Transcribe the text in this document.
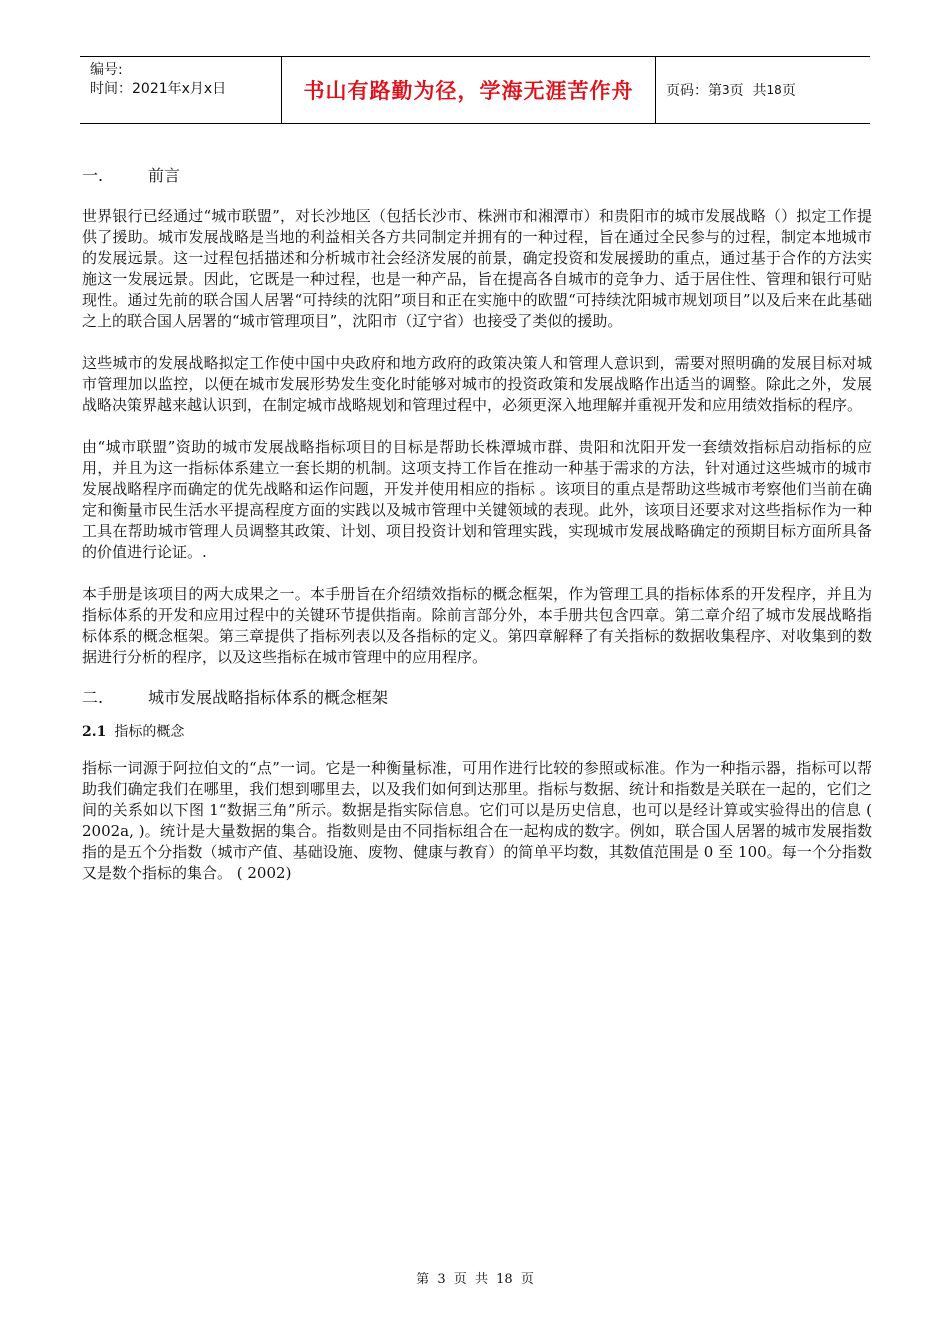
编号:
时间：2021年x月x日	书山有路勤为径，学海无涯苦作舟	页码：第 3 页  共 18 页
一.	前言

世界银行已经通过“城市联盟”，对长沙地区（包括长沙市、株洲市和湘潭市）和贵阳市的城市发展战略（）拟定工作提供了援助。城市发展战略是当地的利益相关各方共同制定并拥有的一种过程，旨在通过全民参与的过程，制定本地城市的发展远景。这一过程包括描述和分析城市社会经济发展的前景，确定投资和发展援助的重点，通过基于合作的方法实施这一发展远景。因此，它既是一种过程，也是一种产品，旨在提高各自城市的竞争力、适于居住性、管理和银行可贴现性。通过先前的联合国人居署“可持续的沈阳”项目和正在实施中的欧盟“可持续沈阳城市规划项目”以及后来在此基础之上的联合国人居署的“城市管理项目”，沈阳市（辽宁省）也接受了类似的援助。

这些城市的发展战略拟定工作使中国中央政府和地方政府的政策决策人和管理人意识到，需要对照明确的发展目标对城市管理加以监控，以便在城市发展形势发生变化时能够对城市的投资政策和发展战略作出适当的调整。除此之外，发展战略决策界越来越认识到，在制定城市战略规划和管理过程中，必须更深入地理解并重视开发和应用绩效指标的程序。

由“城市联盟”资助的城市发展战略指标项目的目标是帮助长株潭城市群、贵阳和沈阳开发一套绩效指标启动指标的应用，并且为这一指标体系建立一套长期的机制。这项支持工作旨在推动一种基于需求的方法，针对通过这些城市的城市发展战略程序而确定的优先战略和运作问题，开发并使用相应的指标 。该项目的重点是帮助这些城市考察他们当前在确定和衡量市民生活水平提高程度方面的实践以及城市管理中关键领域的表现。此外，该项目还要求对这些指标作为一种工具在帮助城市管理人员调整其政策、计划、项目投资计划和管理实践，实现城市发展战略确定的预期目标方面所具备的价值进行论证。.

本手册是该项目的两大成果之一。本手册旨在介绍绩效指标的概念框架，作为管理工具的指标体系的开发程序，并且为指标体系的开发和应用过程中的关键环节提供指南。除前言部分外，本手册共包含四章。第二章介绍了城市发展战略指标体系的概念框架。第三章提供了指标列表以及各指标的定义。第四章解释了有关指标的数据收集程序、对收集到的数据进行分析的程序，以及这些指标在城市管理中的应用程序。

二.	城市发展战略指标体系的概念框架
2.1 指标的概念

指标一词源于阿拉伯文的“点”一词。它是一种衡量标准，可用作进行比较的参照或标准。作为一种指示器，指标可以帮助我们确定我们在哪里，我们想到哪里去，以及我们如何到达那里。指标与数据、统计和指数是关联在一起的，它们之间的关系如以下图 1“数据三角”所示。数据是指实际信息。它们可以是历史信息，也可以是经计算或实验得出的信息 ( 2002a, )。统计是大量数据的集合。指数则是由不同指标组合在一起构成的数字。例如，联合国人居署的城市发展指数指的是五个分指数（城市产值、基础设施、废物、健康与教育）的简单平均数，其数值范围是 0 至 100。每一个分指数又是数个指标的集合。 ( 2002)

第 3 页  共 18 页
